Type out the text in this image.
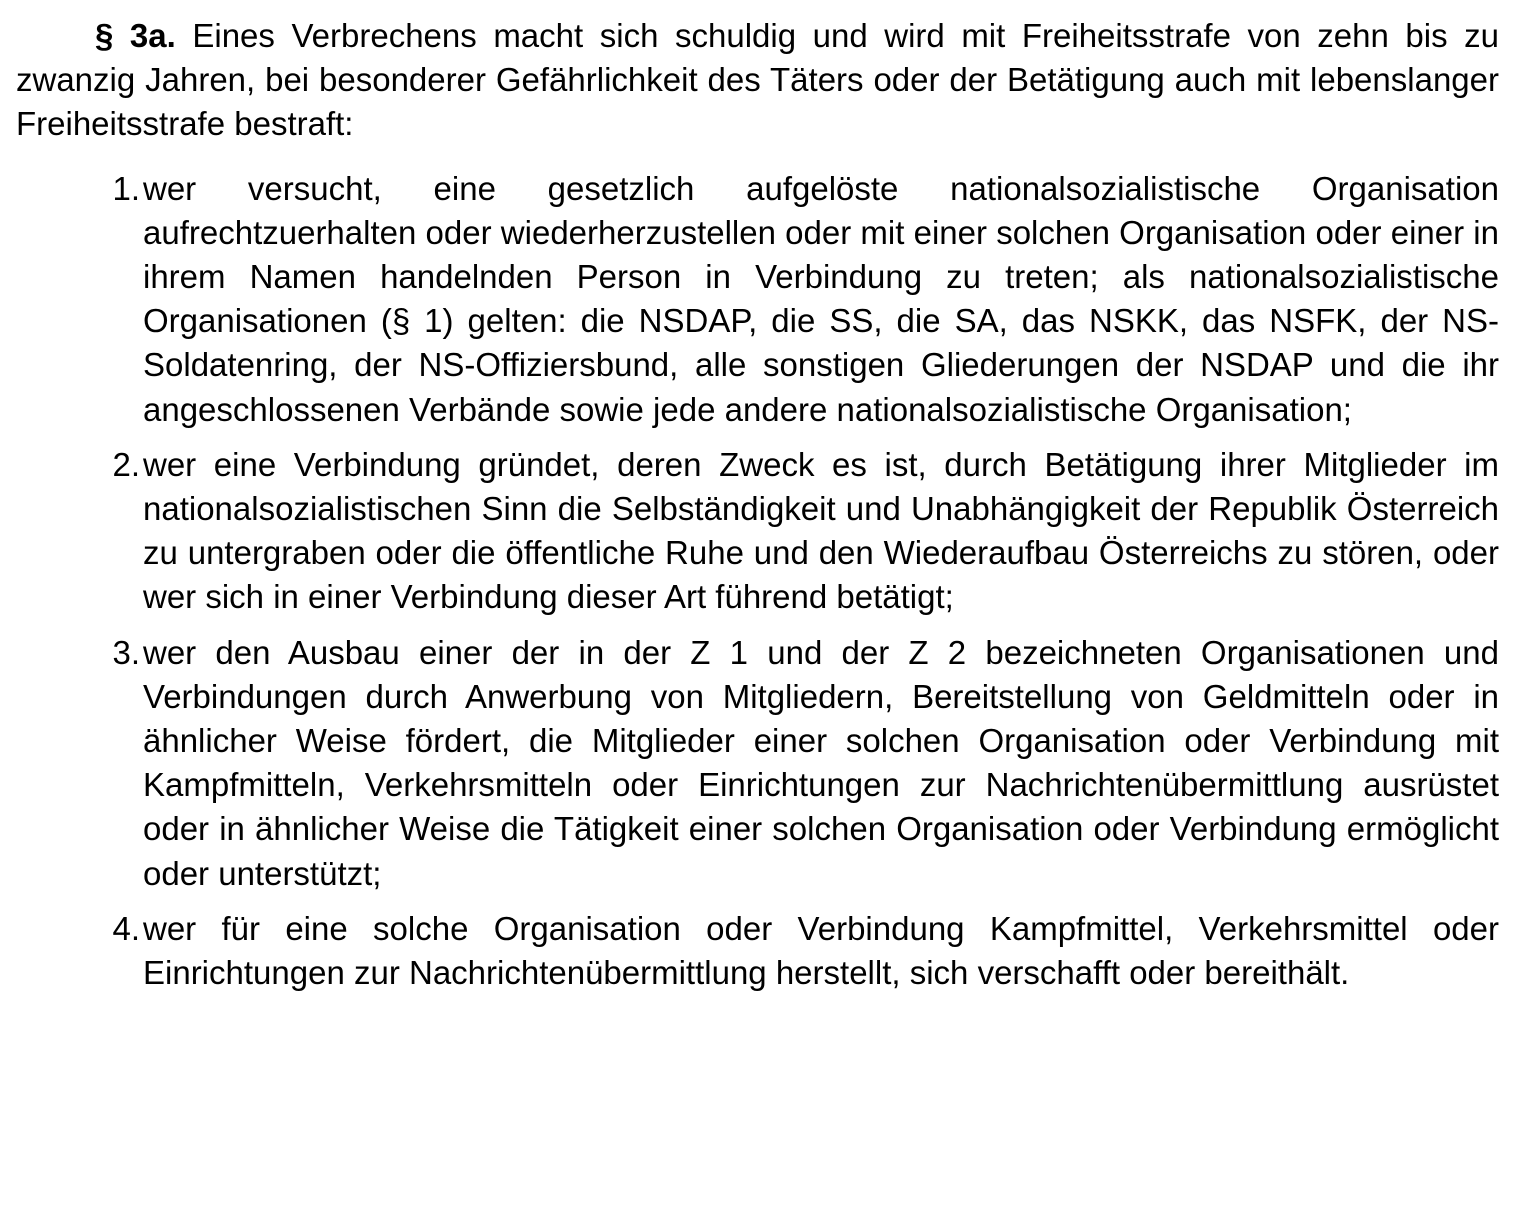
§ 3a. Eines Verbrechens macht sich schuldig und wird mit Freiheitsstrafe von zehn bis zu zwanzig Jahren, bei besonderer Gefährlichkeit des Täters oder der Betätigung auch mit lebenslanger Freiheitsstrafe bestraft:

1. wer versucht, eine gesetzlich aufgelöste nationalsozialistische Organisation aufrechtzuerhalten oder wiederherzustellen oder mit einer solchen Organisation oder einer in ihrem Namen handelnden Person in Verbindung zu treten; als nationalsozialistische Organisationen (§ 1) gelten: die NSDAP, die SS, die SA, das NSKK, das NSFK, der NS-Soldatenring, der NS-Offiziersbund, alle sonstigen Gliederungen der NSDAP und die ihr angeschlossenen Verbände sowie jede andere nationalsozialistische Organisation;
2. wer eine Verbindung gründet, deren Zweck es ist, durch Betätigung ihrer Mitglieder im nationalsozialistischen Sinn die Selbständigkeit und Unabhängigkeit der Republik Österreich zu untergraben oder die öffentliche Ruhe und den Wiederaufbau Österreichs zu stören, oder wer sich in einer Verbindung dieser Art führend betätigt;
3. wer den Ausbau einer der in der Z 1 und der Z 2 bezeichneten Organisationen und Verbindungen durch Anwerbung von Mitgliedern, Bereitstellung von Geldmitteln oder in ähnlicher Weise fördert, die Mitglieder einer solchen Organisation oder Verbindung mit Kampfmitteln, Verkehrsmitteln oder Einrichtungen zur Nachrichtenübermittlung ausrüstet oder in ähnlicher Weise die Tätigkeit einer solchen Organisation oder Verbindung ermöglicht oder unterstützt;
4. wer für eine solche Organisation oder Verbindung Kampfmittel, Verkehrsmittel oder Einrichtungen zur Nachrichtenübermittlung herstellt, sich verschafft oder bereithält.
